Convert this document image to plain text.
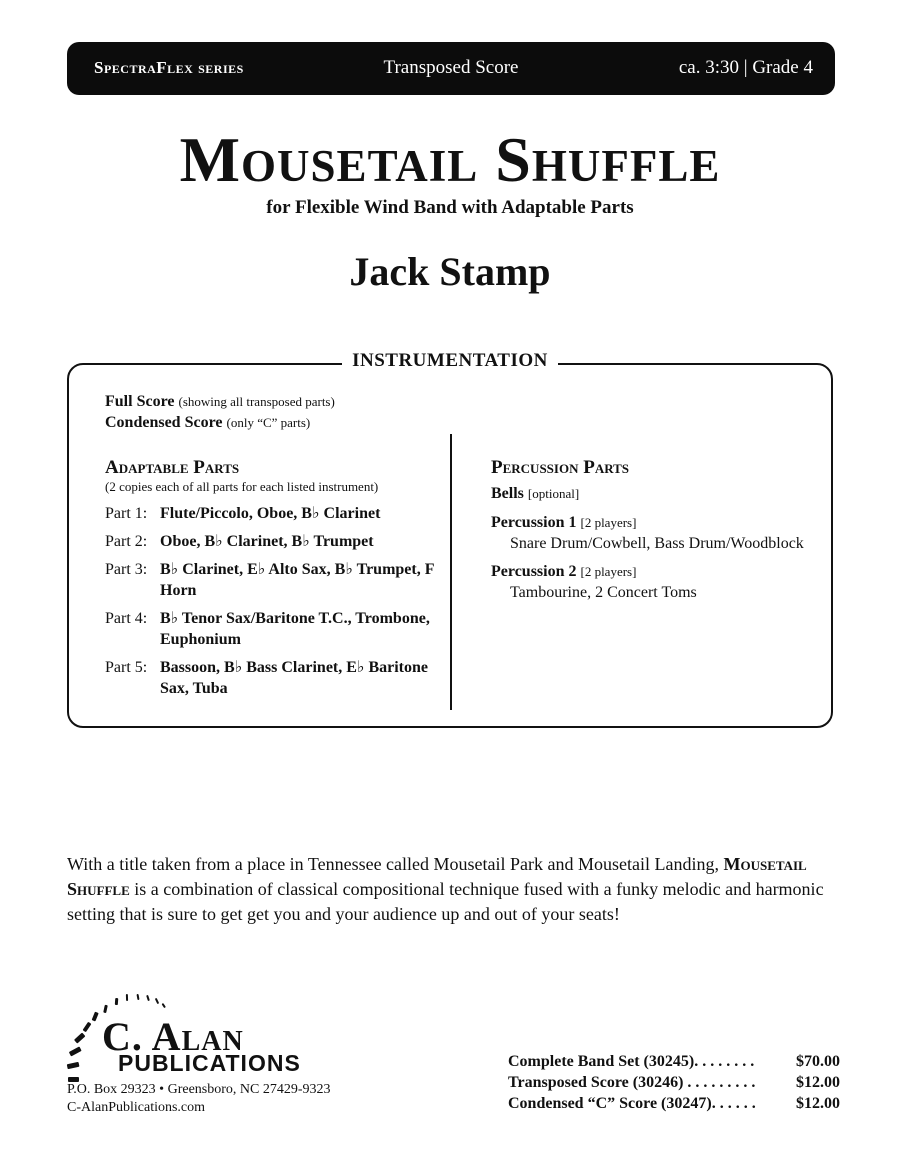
SpectraFlex series	Transposed Score	ca. 3:30 | Grade 4
Mousetail Shuffle
for Flexible Wind Band with Adaptable Parts
Jack Stamp
INSTRUMENTATION
Full Score (showing all transposed parts)
Condensed Score (only “C” parts)
Adaptable Parts
(2 copies each of all parts for each listed instrument)
Part 1: Flute/Piccolo, Oboe, B♭ Clarinet
Part 2: Oboe, B♭ Clarinet, B♭ Trumpet
Part 3: B♭ Clarinet, E♭ Alto Sax, B♭ Trumpet, F Horn
Part 4: B♭ Tenor Sax/Baritone T.C., Trombone, Euphonium
Part 5: Bassoon, B♭ Bass Clarinet, E♭ Baritone Sax, Tuba
Percussion Parts
Bells [optional]
Percussion 1 [2 players]
Snare Drum/Cowbell, Bass Drum/Woodblock
Percussion 2 [2 players]
Tambourine, 2 Concert Toms
With a title taken from a place in Tennessee called Mousetail Park and Mousetail Landing, Mousetail Shuffle is a combination of classical compositional technique fused with a funky melodic and harmonic setting that is sure to get get you and your audience up and out of your seats!
C. Alan
PUBLICATIONS
P.O. Box 29323 • Greensboro, NC 27429-9323
C-AlanPublications.com
Complete Band Set (30245). . . . . . . .	$70.00
Transposed Score (30246) . . . . . . . . .	$12.00
Condensed “C” Score (30247). . . . . .	$12.00
